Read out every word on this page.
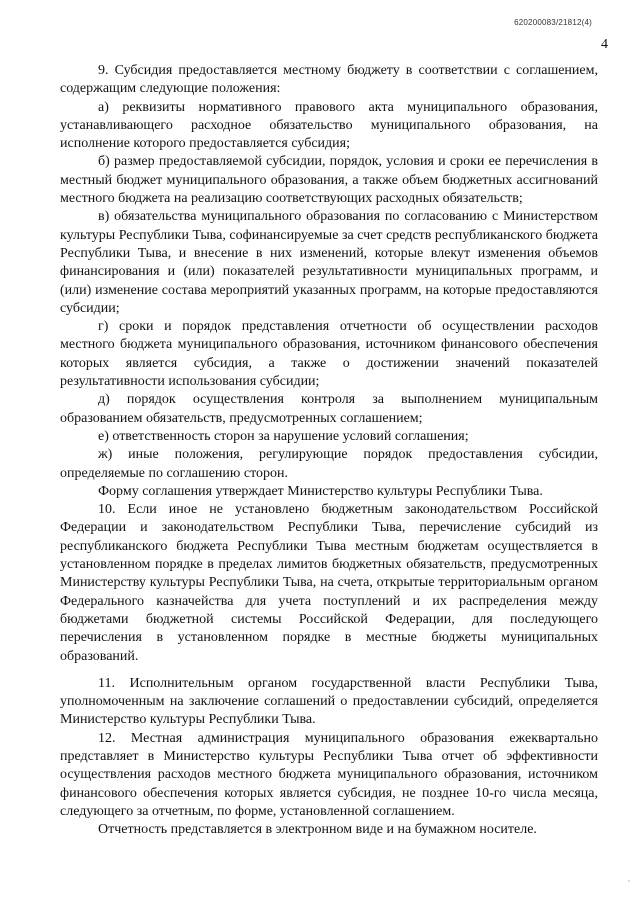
620200083/21812(4)
4

9. Субсидия предоставляется местному бюджету в соответствии с соглашением, содержащим следующие положения:

а) реквизиты нормативного правового акта муниципального образования, устанавливающего расходное обязательство муниципального образования, на исполнение которого предоставляется субсидия;

б) размер предоставляемой субсидии, порядок, условия и сроки ее перечисления в местный бюджет муниципального образования, а также объем бюджетных ассигнований местного бюджета на реализацию соответствующих расходных обязательств;

в) обязательства муниципального образования по согласованию с Министерством культуры Республики Тыва, софинансируемые за счет средств республиканского бюджета Республики Тыва, и внесение в них изменений, которые влекут изменения объемов финансирования и (или) показателей результативности муниципальных программ, и (или) изменение состава мероприятий указанных программ, на которые предоставляются субсидии;

г) сроки и порядок представления отчетности об осуществлении расходов местного бюджета муниципального образования, источником финансового обеспечения которых является субсидия, а также о достижении значений показателей результативности использования субсидии;

д) порядок осуществления контроля за выполнением муниципальным образованием обязательств, предусмотренных соглашением;

е) ответственность сторон за нарушение условий соглашения;

ж) иные положения, регулирующие порядок предоставления субсидии, определяемые по соглашению сторон.

Форму соглашения утверждает Министерство культуры Республики Тыва.

10. Если иное не установлено бюджетным законодательством Российской Федерации и законодательством Республики Тыва, перечисление субсидий из республиканского бюджета Республики Тыва местным бюджетам осуществляется в установленном порядке в пределах лимитов бюджетных обязательств, предусмотренных Министерству культуры Республики Тыва, на счета, открытые территориальным органом Федерального казначейства для учета поступлений и их распределения между бюджетами бюджетной системы Российской Федерации, для последующего перечисления в установленном порядке в местные бюджеты муниципальных образований.

11. Исполнительным органом государственной власти Республики Тыва, уполномоченным на заключение соглашений о предоставлении субсидий, определяется Министерство культуры Республики Тыва.

12. Местная администрация муниципального образования ежеквартально представляет в Министерство культуры Республики Тыва отчет об эффективности осуществления расходов местного бюджета муниципального образования, источником финансового обеспечения которых является субсидия, не позднее 10-го числа месяца, следующего за отчетным, по форме, установленной соглашением.

Отчетность представляется в электронном виде и на бумажном носителе.

ʿ
